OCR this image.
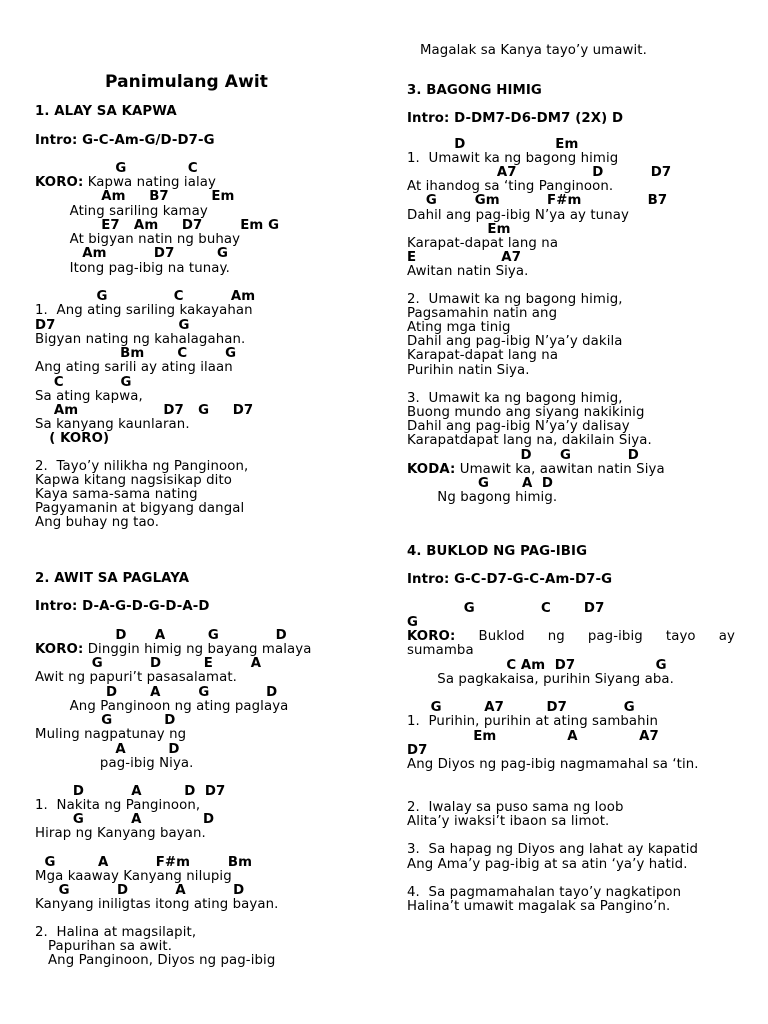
Panimulang Awit
1. ALAY SA KAPWA
Intro: G-C-Am-G/D-D7-G
G             C
KORO: Kapwa nating ialay
Am     B7         Em
Ating sariling kamay
E7   Am     D7        Em G
At bigyan natin ng buhay
Am          D7         G
Itong pag-ibig na tunay.
G              C          Am
1.  Ang ating sariling kakayahan
D7                          G
Bigyan nating ng kahalagahan.
Bm       C        G
Ang ating sarili ay ating ilaan
C            G
Sa ating kapwa,
Am                  D7   G     D7
Sa kanyang kaunlaran.
( KORO)
2.  Tayo’y nilikha ng Panginoon,
Kapwa kitang nagsisikap dito
Kaya sama-sama nating
Pagyamanin at bigyang dangal
Ang buhay ng tao.
2. AWIT SA PAGLAYA
Intro: D-A-G-D-G-D-A-D
D      A         G            D
KORO: Dinggin himig ng bayang malaya
G          D         E        A
Awit ng papuri’t pasasalamat.
D       A        G            D
Ang Panginoon ng ating paglaya
G           D
Muling nagpatunay ng
A         D
pag-ibig Niya.
D          A         D  D7
1.  Nakita ng Panginoon,
G          A             D
Hirap ng Kanyang bayan.
G         A          F#m        Bm
Mga kaaway Kanyang nilupig
G          D          A          D
Kanyang iniligtas itong ating bayan.
2.  Halina at magsilapit,
Papurihan sa awit.
Ang Panginoon, Diyos ng pag-ibig
Magalak sa Kanya tayo’y umawit.
3. BAGONG HIMIG
Intro: D-DM7-D6-DM7 (2X) D
D                   Em
1.  Umawit ka ng bagong himig
A7                D          D7
At ihandog sa ‘ting Panginoon.
G        Gm          F#m              B7
Dahil ang pag-ibig N’ya ay tunay
Em
Karapat-dapat lang na
E                  A7
Awitan natin Siya.
2.  Umawit ka ng bagong himig,
Pagsamahin natin ang
Ating mga tinig
Dahil ang pag-ibig N’ya’y dakila
Karapat-dapat lang na
Purihin natin Siya.
3.  Umawit ka ng bagong himig,
Buong mundo ang siyang nakikinig
Dahil ang pag-ibig N’ya’y dalisay
Karapatdapat lang na, dakilain Siya.
D      G            D
KODA: Umawit ka, aawitan natin Siya
G       A  D
Ng bagong himig.
4. BUKLOD NG PAG-IBIG
Intro: G-C-D7-G-C-Am-D7-G
G              C       D7
G
KORO: Buklod ng pag-ibig tayo ay
sumamba
C Am  D7                 G
Sa pagkakaisa, purihin Siyang aba.
G         A7         D7            G
1.  Purihin, purihin at ating sambahin
Em               A             A7
D7
Ang Diyos ng pag-ibig nagmamahal sa ‘tin.
2.  Iwalay sa puso sama ng loob
Alita’y iwaksi’t ibaon sa limot.
3.  Sa hapag ng Diyos ang lahat ay kapatid
Ang Ama’y pag-ibig at sa atin ‘ya’y hatid.
4.  Sa pagmamahalan tayo’y nagkatipon
Halina’t umawit magalak sa Pangino’n.
